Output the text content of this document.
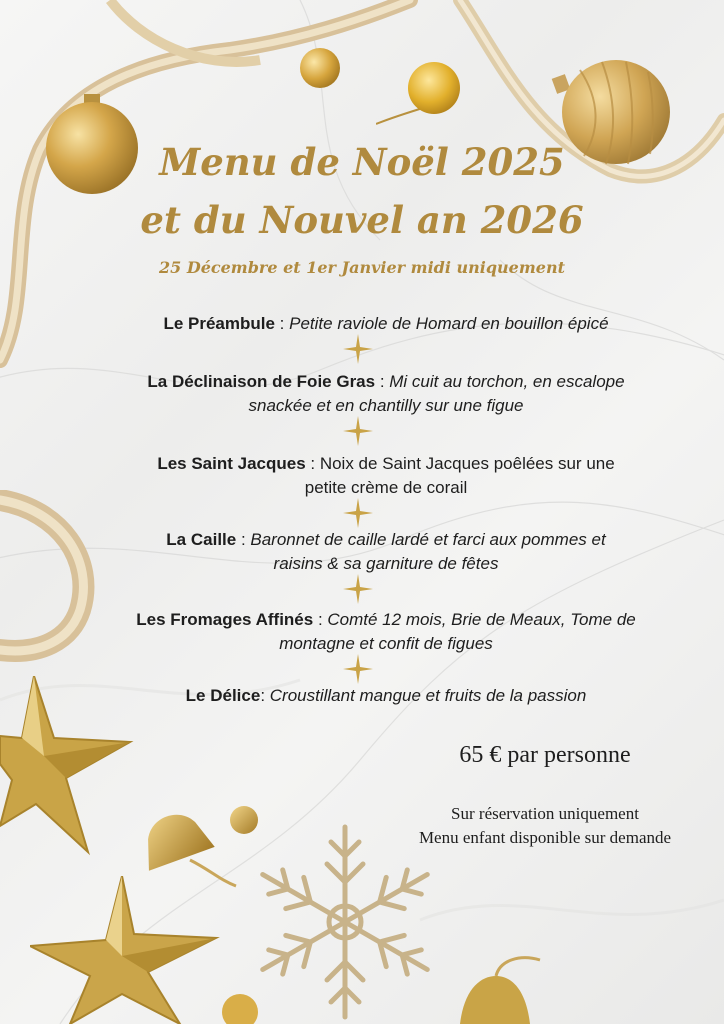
Menu de Noël 2025
et du Nouvel an 2026
25 Décembre et 1er Janvier midi uniquement
Le Préambule : Petite raviole de Homard en bouillon épicé
La Déclinaison de Foie Gras : Mi cuit au torchon, en escalope
snackée et en chantilly sur une figue
Les Saint Jacques : Noix de Saint Jacques poêlées sur une
petite crème de corail
La Caille : Baronnet de caille lardé et farci aux pommes et
raisins & sa garniture de fêtes
Les Fromages Affinés : Comté 12 mois, Brie de Meaux, Tome de
montagne et confit de figues
Le Délice: Croustillant mangue et fruits de la passion
65 € par personne
Sur réservation uniquement
Menu enfant disponible sur demande
